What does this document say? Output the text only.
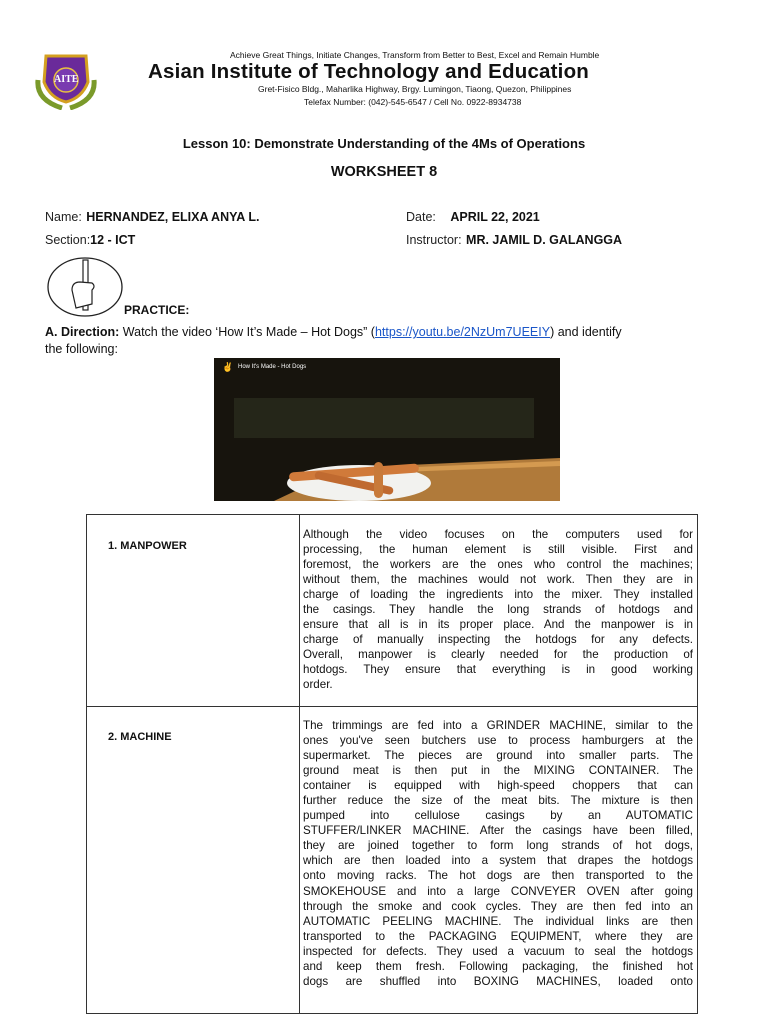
AITE
Achieve Great Things, Initiate Changes, Transform from Better to Best, Excel and Remain Humble
Asian Institute of Technology and Education
Gret-Fisico Bldg., Maharlika Highway, Brgy. Lumingon, Tiaong, Quezon, Philippines
Telefax Number: (042)-545-6547 / Cell No. 0922-8934738
Lesson 10: Demonstrate Understanding of the 4Ms of Operations
WORKSHEET 8
Name: HERNANDEZ, ELIXA ANYA L.	Date: APRIL 22, 2021
Section:12 - ICT	Instructor: MR. JAMIL D. GALANGGA
PRACTICE:
A. Direction: Watch the video ‘How It’s Made – Hot Dogs” (https://youtu.be/2NzUm7UEEIY) and identify
the following:
✌ How It's Made - Hot Dogs
1. MANPOWER
2. MACHINE
Although the video focuses on the computers used for
processing, the human element is still visible. First and
foremost, the workers are the ones who control the machines;
without them, the machines would not work. Then they are in
charge of loading the ingredients into the mixer. They installed
the casings. They handle the long strands of hotdogs and
ensure that all is in its proper place. And the manpower is in
charge of manually inspecting the hotdogs for any defects.
Overall, manpower is clearly needed for the production of
hotdogs. They ensure that everything is in good working
order.
The trimmings are fed into a GRINDER MACHINE, similar to the
ones you've seen butchers use to process hamburgers at the
supermarket. The pieces are ground into smaller parts. The
ground meat is then put in the MIXING CONTAINER. The
container is equipped with high-speed choppers that can
further reduce the size of the meat bits. The mixture is then
pumped into cellulose casings by an AUTOMATIC
STUFFER/LINKER MACHINE. After the casings have been filled,
they are joined together to form long strands of hot dogs,
which are then loaded into a system that drapes the hotdogs
onto moving racks. The hot dogs are then transported to the
SMOKEHOUSE and into a large CONVEYER OVEN after going
through the smoke and cook cycles. They are then fed into an
AUTOMATIC PEELING MACHINE. The individual links are then
transported to the PACKAGING EQUIPMENT, where they are
inspected for defects. They used a vacuum to seal the hotdogs
and keep them fresh. Following packaging, the finished hot
dogs are shuffled into BOXING MACHINES, loaded onto
